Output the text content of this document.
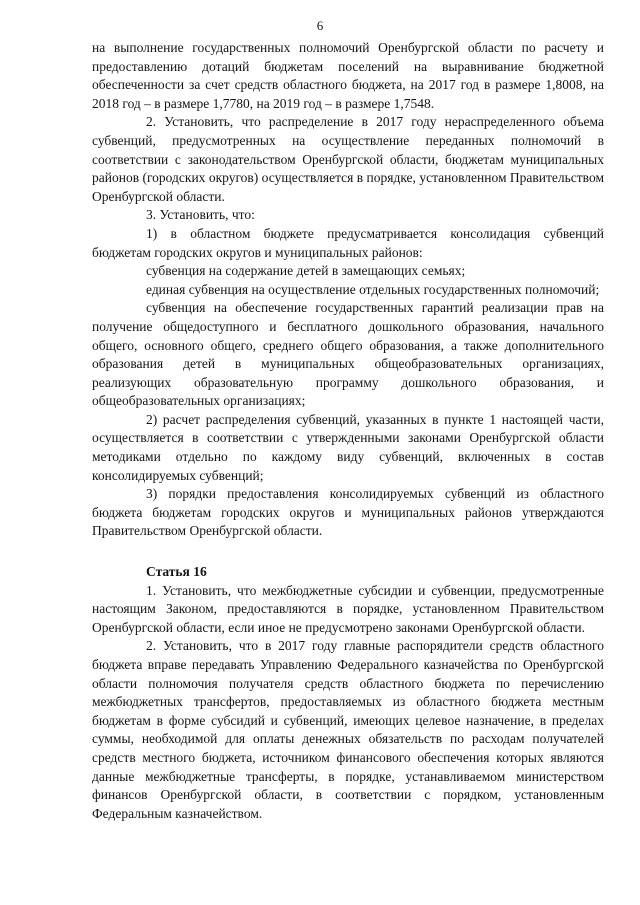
6

на выполнение государственных полномочий Оренбургской области по расчету и предоставлению дотаций бюджетам поселений на выравнивание бюджетной обеспеченности за счет средств областного бюджета, на 2017 год в размере 1,8008, на 2018 год – в размере 1,7780, на 2019 год – в размере 1,7548.

2. Установить, что распределение в 2017 году нераспределенного объема субвенций, предусмотренных на осуществление переданных полномочий в соответствии с законодательством Оренбургской области, бюджетам муниципальных районов (городских округов) осуществляется в порядке, установленном Правительством Оренбургской области.

3. Установить, что:

1) в областном бюджете предусматривается консолидация субвенций бюджетам городских округов и муниципальных районов:

субвенция на содержание детей в замещающих семьях;

единая субвенция на осуществление отдельных государственных полномочий;

субвенция на обеспечение государственных гарантий реализации прав на получение общедоступного и бесплатного дошкольного образования, начального общего, основного общего, среднего общего образования, а также дополнительного образования детей в муниципальных общеобразовательных организациях, реализующих образовательную программу дошкольного образования, и общеобразовательных организациях;

2) расчет распределения субвенций, указанных в пункте 1 настоящей части, осуществляется в соответствии с утвержденными законами Оренбургской области методиками отдельно по каждому виду субвенций, включенных в состав консолидируемых субвенций;

3) порядки предоставления консолидируемых субвенций из областного бюджета бюджетам городских округов и муниципальных районов утверждаются Правительством Оренбургской области.

Статья 16

1. Установить, что межбюджетные субсидии и субвенции, предусмотренные настоящим Законом, предоставляются в порядке, установленном Правительством Оренбургской области, если иное не предусмотрено законами Оренбургской области.

2. Установить, что в 2017 году главные распорядители средств областного бюджета вправе передавать Управлению Федерального казначейства по Оренбургской области полномочия получателя средств областного бюджета по перечислению межбюджетных трансфертов, предоставляемых из областного бюджета местным бюджетам в форме субсидий и субвенций, имеющих целевое назначение, в пределах суммы, необходимой для оплаты денежных обязательств по расходам получателей средств местного бюджета, источником финансового обеспечения которых являются данные межбюджетные трансферты, в порядке, устанавливаемом министерством финансов Оренбургской области, в соответствии с порядком, установленным Федеральным казначейством.
